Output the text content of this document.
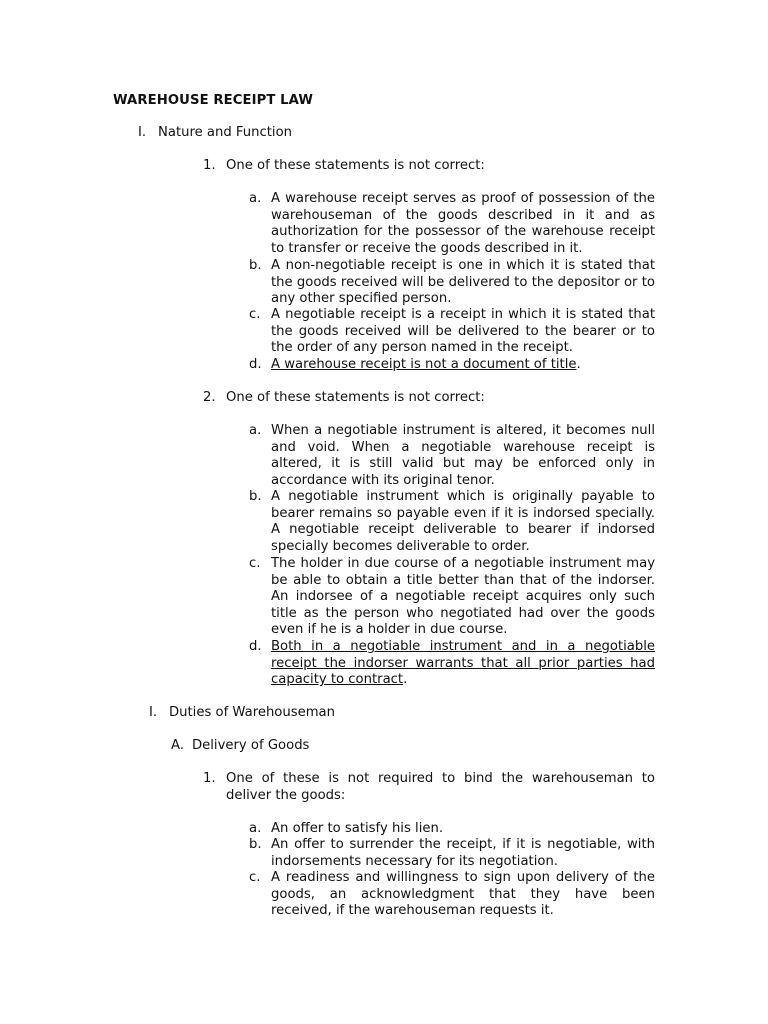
WAREHOUSE RECEIPT LAW
I. Nature and Function
1. One of these statements is not correct:
a. A warehouse receipt serves as proof of possession of the warehouseman of the goods described in it and as authorization for the possessor of the warehouse receipt to transfer or receive the goods described in it.
b. A non-negotiable receipt is one in which it is stated that the goods received will be delivered to the depositor or to any other specified person.
c. A negotiable receipt is a receipt in which it is stated that the goods received will be delivered to the bearer or to the order of any person named in the receipt.
d. A warehouse receipt is not a document of title.
2. One of these statements is not correct:
a. When a negotiable instrument is altered, it becomes null and void. When a negotiable warehouse receipt is altered, it is still valid but may be enforced only in accordance with its original tenor.
b. A negotiable instrument which is originally payable to bearer remains so payable even if it is indorsed specially. A negotiable receipt deliverable to bearer if indorsed specially becomes deliverable to order.
c. The holder in due course of a negotiable instrument may be able to obtain a title better than that of the indorser. An indorsee of a negotiable receipt acquires only such title as the person who negotiated had over the goods even if he is a holder in due course.
d. Both in a negotiable instrument and in a negotiable receipt the indorser warrants that all prior parties had capacity to contract.
I. Duties of Warehouseman
A. Delivery of Goods
1. One of these is not required to bind the warehouseman to deliver the goods:
a. An offer to satisfy his lien.
b. An offer to surrender the receipt, if it is negotiable, with indorsements necessary for its negotiation.
c. A readiness and willingness to sign upon delivery of the goods, an acknowledgment that they have been received, if the warehouseman requests it.
